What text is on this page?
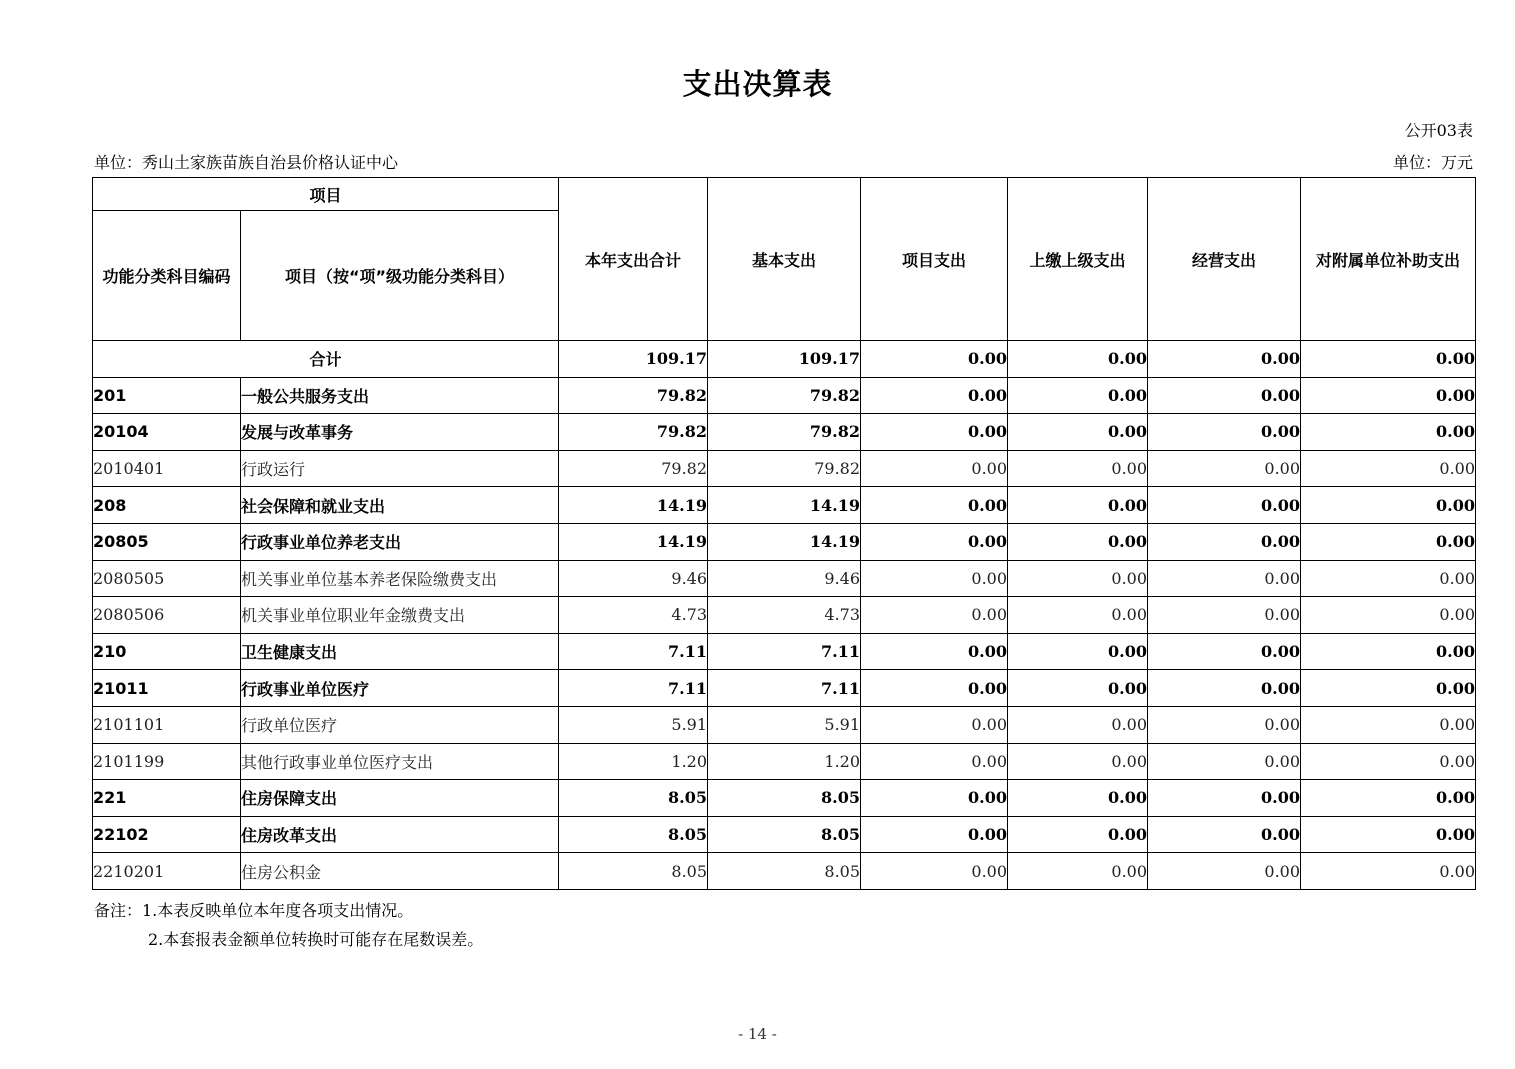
支出决算表
公开03表
单位：秀山土家族苗族自治县价格认证中心	单位：万元
项目		本年支出合计	基本支出	项目支出	上缴上级支出	经营支出	对附属单位补助支出
功能分类科目编码	项目（按“项”级功能分类科目）						
合计		109.17	109.17	0.00	0.00	0.00	0.00
201	一般公共服务支出	79.82	79.82	0.00	0.00	0.00	0.00
20104	发展与改革事务	79.82	79.82	0.00	0.00	0.00	0.00
2010401	行政运行	79.82	79.82	0.00	0.00	0.00	0.00
208	社会保障和就业支出	14.19	14.19	0.00	0.00	0.00	0.00
20805	行政事业单位养老支出	14.19	14.19	0.00	0.00	0.00	0.00
2080505	机关事业单位基本养老保险缴费支出	9.46	9.46	0.00	0.00	0.00	0.00
2080506	机关事业单位职业年金缴费支出	4.73	4.73	0.00	0.00	0.00	0.00
210	卫生健康支出	7.11	7.11	0.00	0.00	0.00	0.00
21011	行政事业单位医疗	7.11	7.11	0.00	0.00	0.00	0.00
2101101	行政单位医疗	5.91	5.91	0.00	0.00	0.00	0.00
2101199	其他行政事业单位医疗支出	1.20	1.20	0.00	0.00	0.00	0.00
221	住房保障支出	8.05	8.05	0.00	0.00	0.00	0.00
22102	住房改革支出	8.05	8.05	0.00	0.00	0.00	0.00
2210201	住房公积金	8.05	8.05	0.00	0.00	0.00	0.00
备注：1.本表反映单位本年度各项支出情况。
2.本套报表金额单位转换时可能存在尾数误差。
- 14 -
